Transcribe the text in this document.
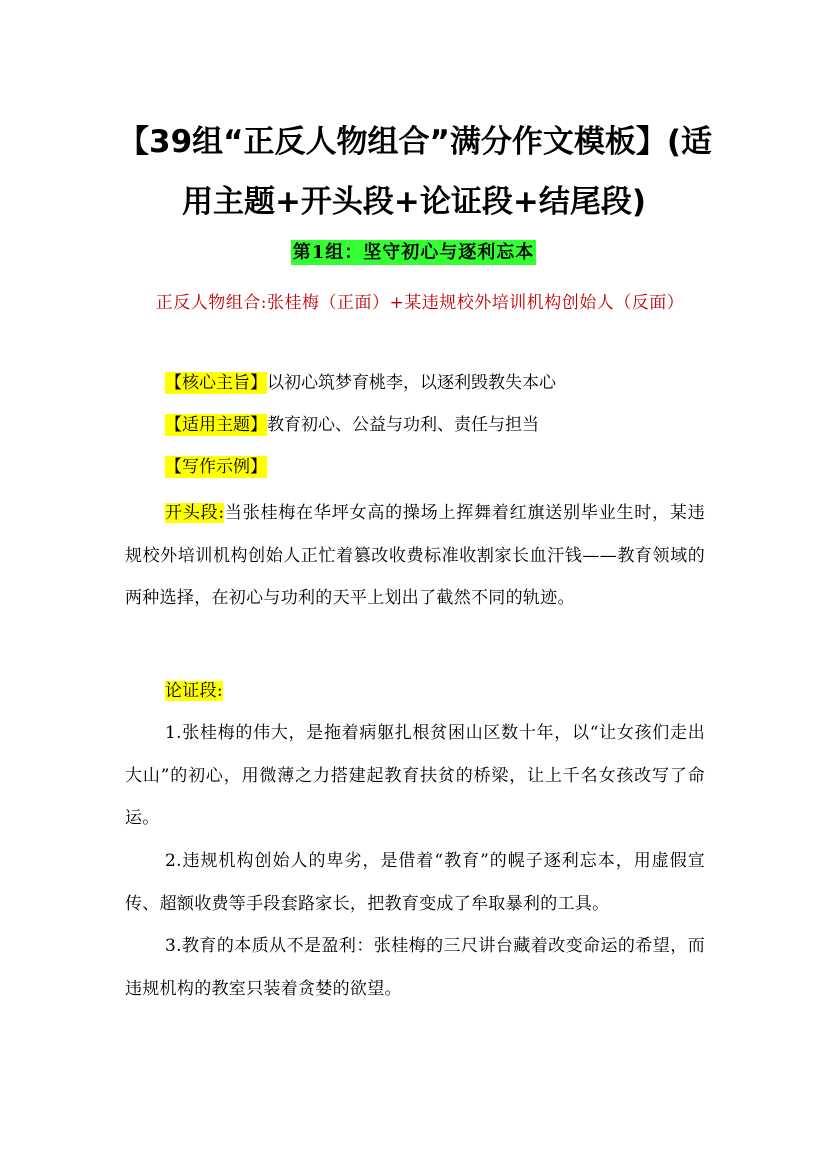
【39组“正反人物组合”满分作文模板】(适
用主题+开头段+论证段+结尾段)
第1组：坚守初心与逐利忘本
正反人物组合:张桂梅（正面）+某违规校外培训机构创始人（反面）
【核心主旨】以初心筑梦育桃李，以逐利毁教失本心
【适用主题】教育初心、公益与功利、责任与担当
【写作示例】
开头段:当张桂梅在华坪女高的操场上挥舞着红旗送别毕业生时，某违规校外培训机构创始人正忙着篡改收费标准收割家长血汗钱——教育领域的两种选择，在初心与功利的天平上划出了截然不同的轨迹。
论证段:
1.张桂梅的伟大，是拖着病躯扎根贫困山区数十年，以“让女孩们走出大山”的初心，用微薄之力搭建起教育扶贫的桥梁，让上千名女孩改写了命运。
2.违规机构创始人的卑劣，是借着“教育”的幌子逐利忘本，用虚假宣传、超额收费等手段套路家长，把教育变成了牟取暴利的工具。
3.教育的本质从不是盈利：张桂梅的三尺讲台藏着改变命运的希望，而违规机构的教室只装着贪婪的欲望。
